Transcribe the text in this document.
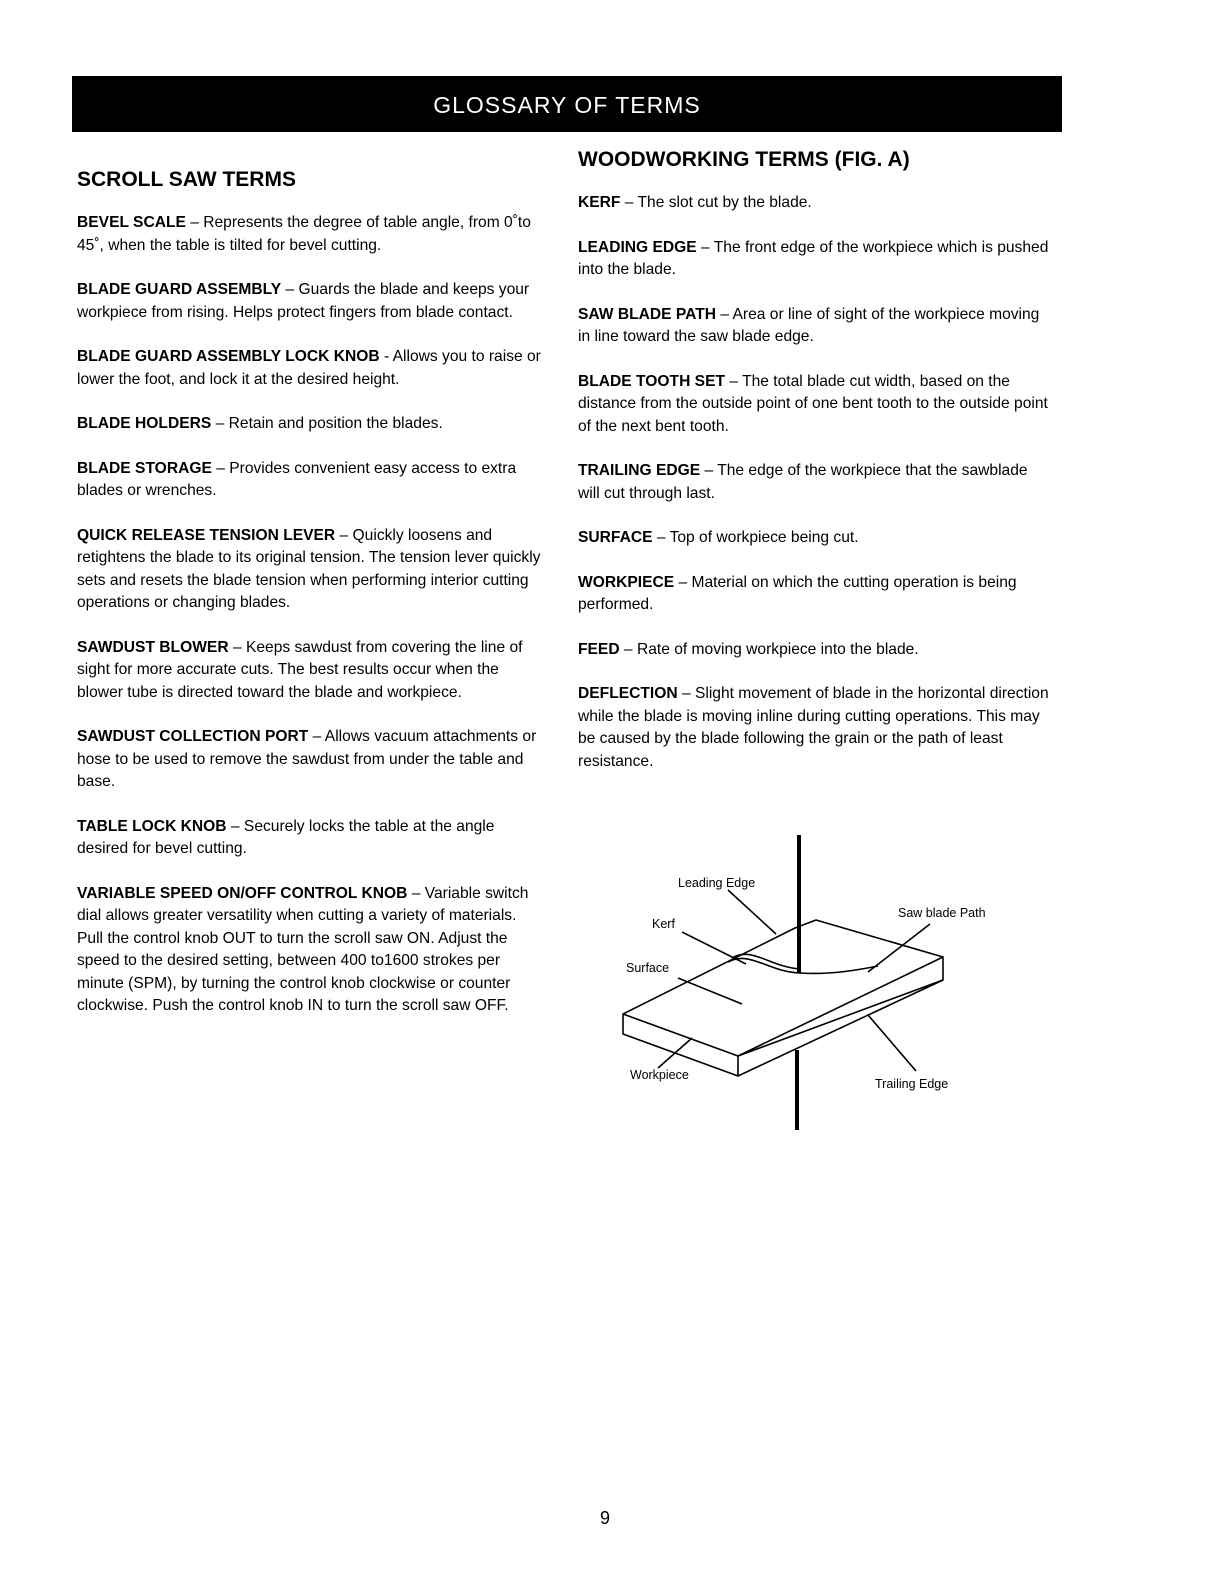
GLOSSARY OF TERMS
SCROLL SAW TERMS

BEVEL SCALE – Represents the degree of table angle, from 0˚to 45˚, when the table is tilted for bevel cutting.

BLADE GUARD ASSEMBLY – Guards the blade and keeps your workpiece from rising. Helps protect fingers from blade contact.

BLADE GUARD ASSEMBLY LOCK KNOB - Allows you to raise or lower the foot, and lock it at the desired height.

BLADE HOLDERS – Retain and position the blades.

BLADE STORAGE – Provides convenient easy access to extra blades or wrenches.

QUICK RELEASE TENSION LEVER – Quickly loosens and retightens the blade to its original tension. The tension lever quickly sets and resets the blade tension when performing interior cutting operations or changing blades.

SAWDUST BLOWER – Keeps sawdust from covering the line of sight for more accurate cuts. The best results occur when the blower tube is directed toward the blade and workpiece.

SAWDUST COLLECTION PORT – Allows vacuum attachments or hose to be used to remove the sawdust from under the table and base.

TABLE LOCK KNOB – Securely locks the table at the angle desired for bevel cutting.

VARIABLE SPEED ON/OFF CONTROL KNOB – Variable switch dial allows greater versatility when cutting a variety of materials. Pull the control knob OUT to turn the scroll saw ON. Adjust the speed to the desired setting, between 400 to1600 strokes per minute (SPM), by turning the control knob clockwise or counter clockwise. Push the control knob IN to turn the scroll saw OFF.

WOODWORKING TERMS (FIG. A)

KERF – The slot cut by the blade.

LEADING EDGE – The front edge of the workpiece which is pushed into the blade.

SAW BLADE PATH – Area or line of sight of the workpiece moving in line toward the saw blade edge.

BLADE TOOTH SET – The total blade cut width, based on the distance from the outside point of one bent tooth to the outside point of the next bent tooth.

TRAILING EDGE – The edge of the workpiece that the sawblade will cut through last.

SURFACE – Top of workpiece being cut.

WORKPIECE – Material on which the cutting operation is being performed.

FEED – Rate of moving workpiece into the blade.

DEFLECTION – Slight movement of blade in the horizontal direction while the blade is moving inline during cutting operations. This may be caused by the blade following the grain or the path of least resistance.

Leading Edge
Kerf
Surface
Saw blade Path
Workpiece
Trailing Edge
9
